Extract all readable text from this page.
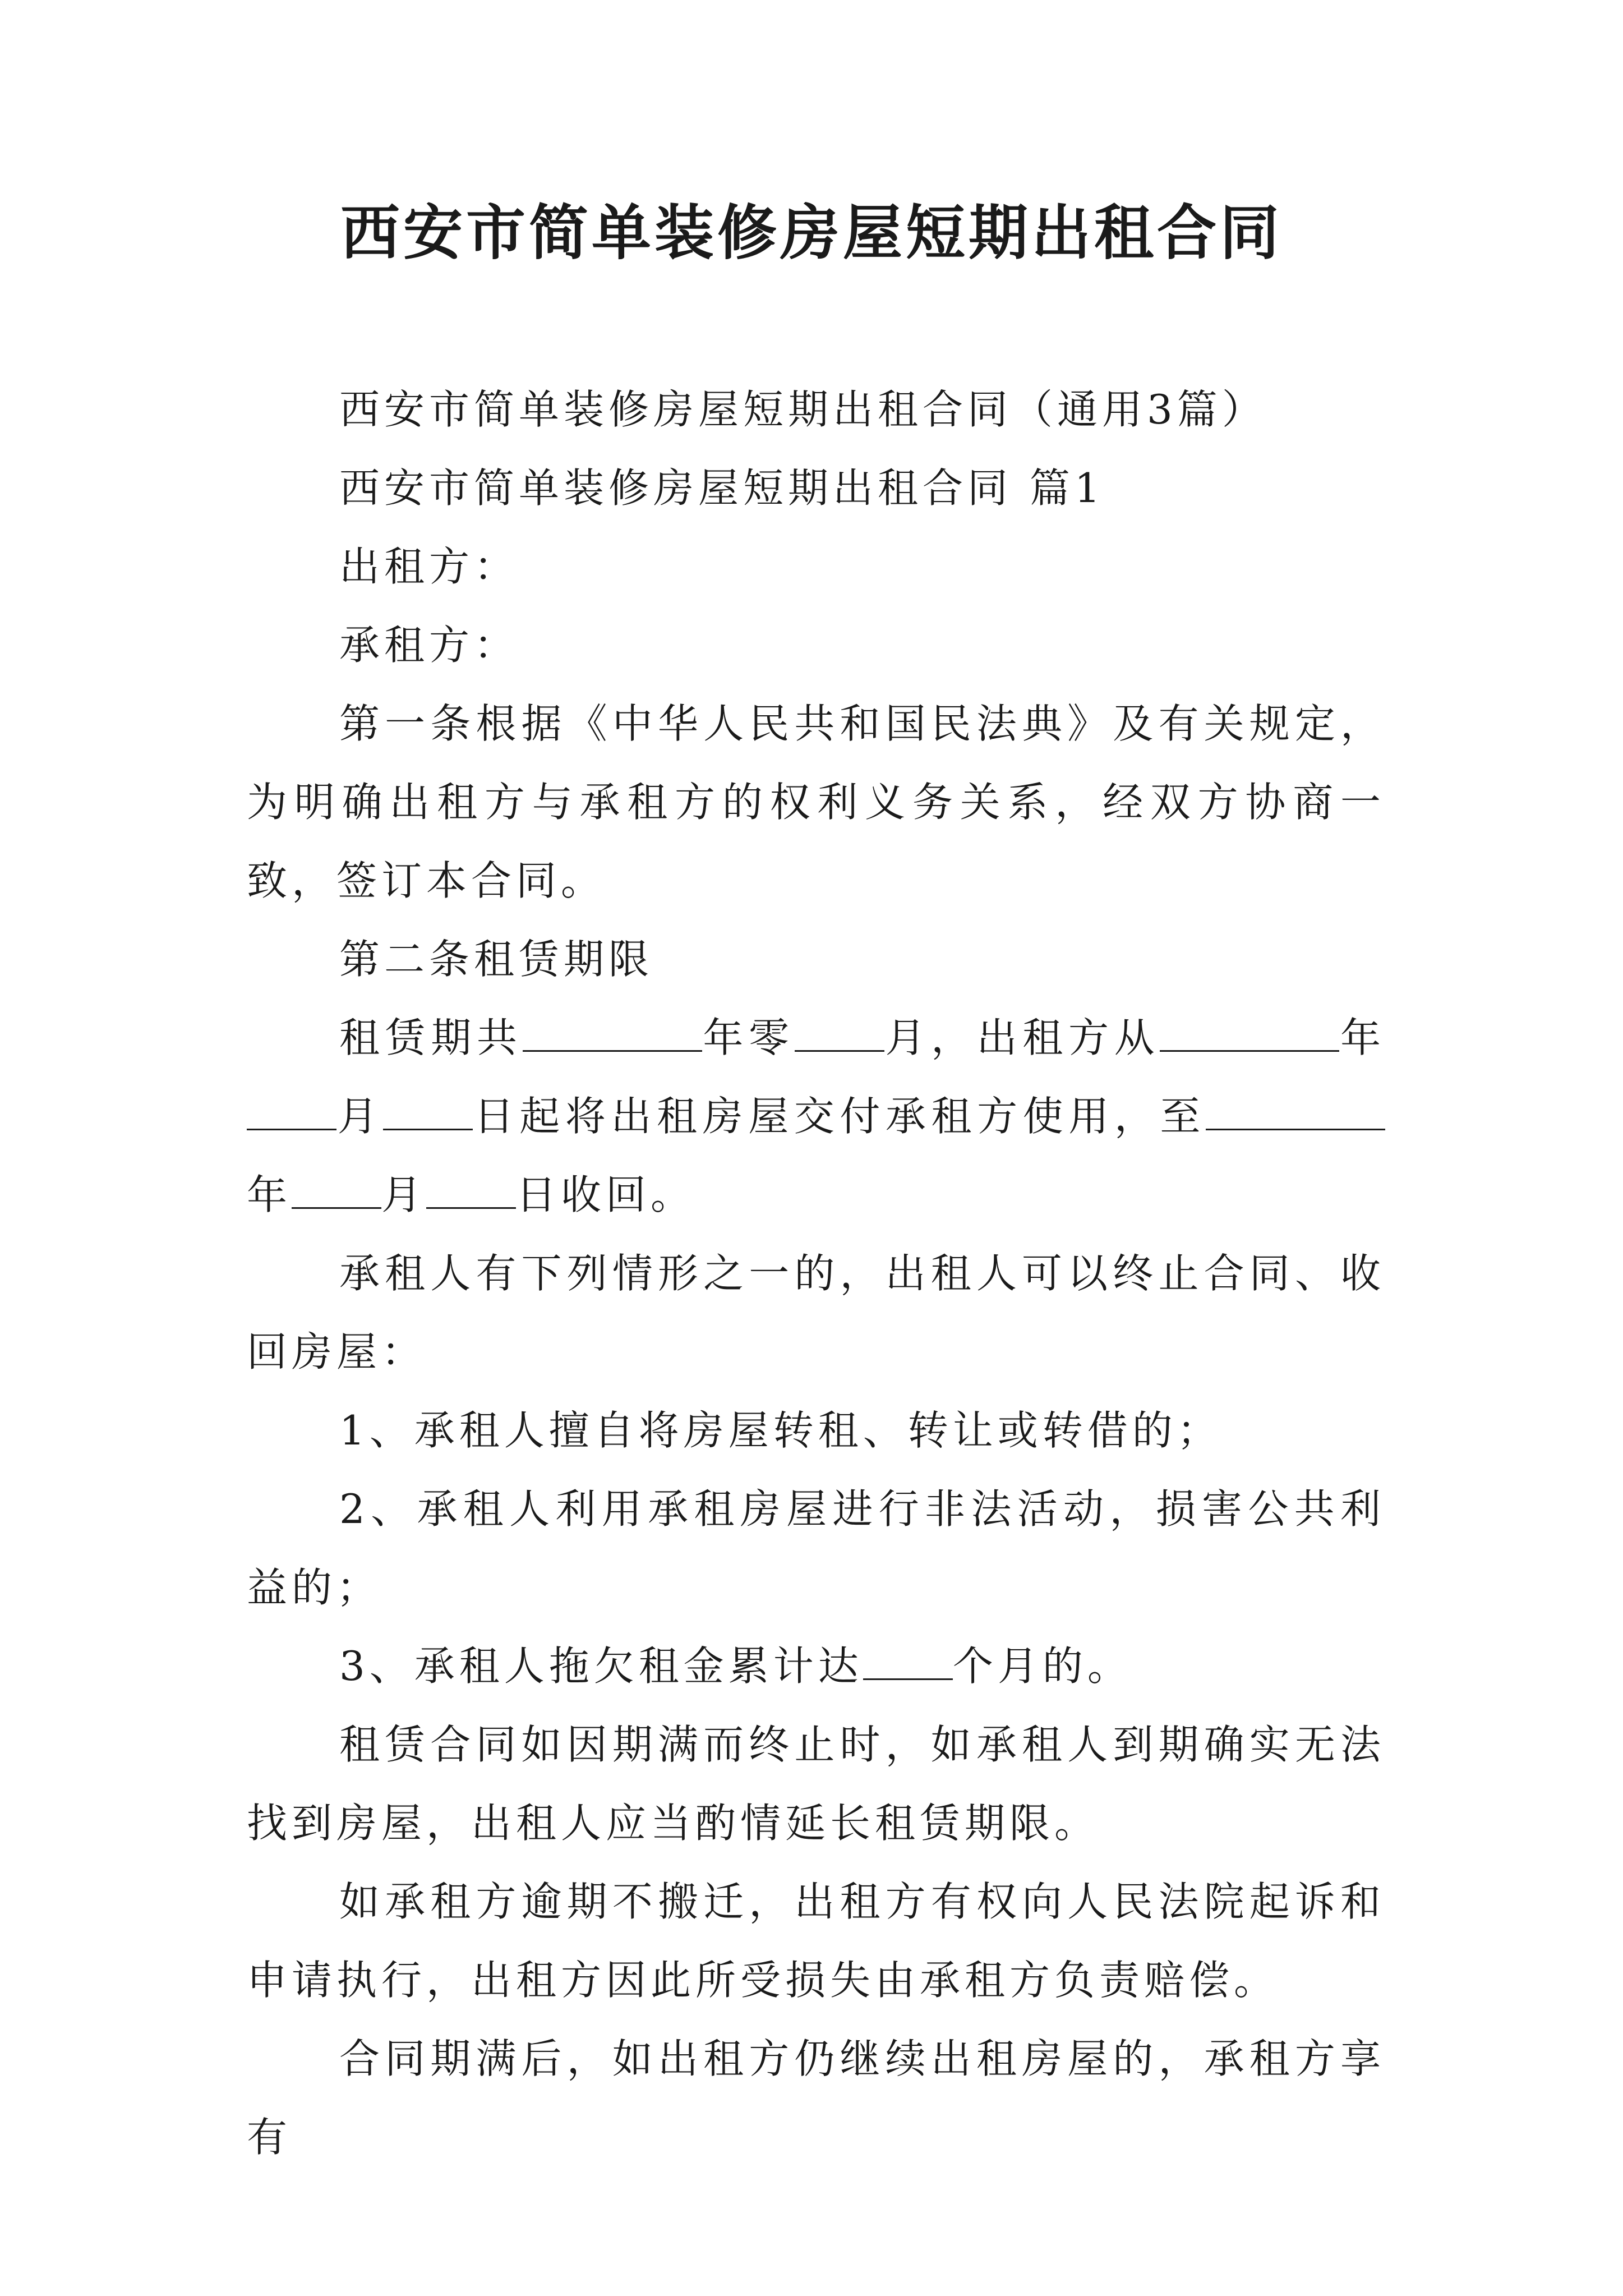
西安市简单装修房屋短期出租合同

西安市简单装修房屋短期出租合同（通用3篇）

西安市简单装修房屋短期出租合同 篇1

出租方：

承租方：

第一条根据《中华人民共和国民法典》及有关规定，为明确出租方与承租方的权利义务关系，经双方协商一致，签订本合同。

第二条租赁期限

租赁期共	年零 月，出租方从	年月 日起将出租房屋交付承租方使用，至年 月 日收回。

承租人有下列情形之一的，出租人可以终止合同、收回房屋：

1、承租人擅自将房屋转租、转让或转借的；

2、承租人利用承租房屋进行非法活动，损害公共利益的；

3、承租人拖欠租金累计达 个月的。

租赁合同如因期满而终止时，如承租人到期确实无法找到房屋，出租人应当酌情延长租赁期限。

如承租方逾期不搬迁，出租方有权向人民法院起诉和申请执行，出租方因此所受损失由承租方负责赔偿。

合同期满后，如出租方仍继续出租房屋的，承租方享有
